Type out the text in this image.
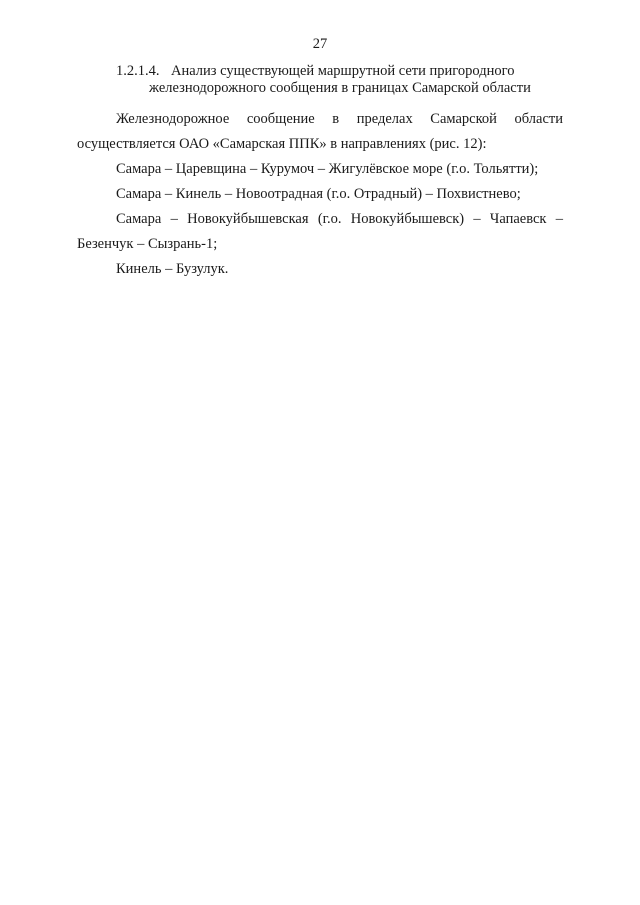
27
1.2.1.4. Анализ существующей маршрутной сети пригородного
железнодорожного сообщения в границах Самарской области

Железнодорожное сообщение в пределах Самарской области

осуществляется ОАО «Самарская ППК» в направлениях (рис. 12):

Самара – Царевщина – Курумоч – Жигулёвское море (г.о. Тольятти);

Самара – Кинель – Новоотрадная (г.о. Отрадный) – Похвистнево;

Самара – Новокуйбышевская (г.о. Новокуйбышевск) – Чапаевск –
Безенчук – Сызрань-1;

Кинель – Бузулук.
